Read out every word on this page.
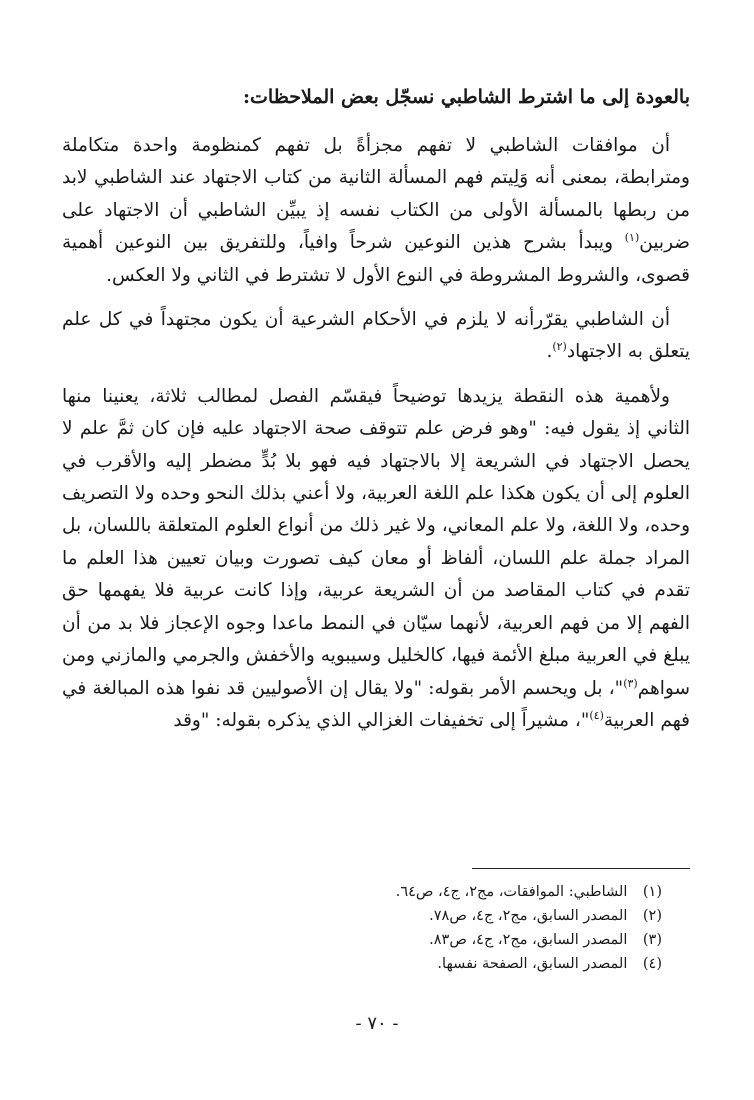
بالعودة إلى ما اشترط الشاطبي نسجّل بعض الملاحظات:

أن موافقات الشاطبي لا تفهم مجزأةً بل تفهم كمنظومة واحدة متكاملة ومترابطة، بمعنى أنه وَلِيتم فهم المسألة الثانية من كتاب الاجتهاد عند الشاطبي لابد من ربطها بالمسألة الأولى من الكتاب نفسه إذ يبيِّن الشاطبي أن الاجتهاد على ضربين$^{(١)}$ ويبدأ بشرح هذين النوعين شرحاً وافياً، وللتفريق بين النوعين أهمية قصوى، والشروط المشروطة في النوع الأول لا تشترط في الثاني ولا العكس.

أن الشاطبي يقرّرأنه لا يلزم في الأحكام الشرعية أن يكون مجتهداً في كل علم يتعلق به الاجتهاد$^{(٢)}$.

ولأهمية هذه النقطة يزيدها توضيحاً فيقسّم الفصل لمطالب ثلاثة، يعنينا منها الثاني إذ يقول فيه: "وهو فرض علم تتوقف صحة الاجتهاد عليه فإن كان ثمَّ علم لا يحصل الاجتهاد في الشريعة إلا بالاجتهاد فيه فهو بلا بُدٍّ مضطر إليه والأقرب في العلوم إلى أن يكون هكذا علم اللغة العربية، ولا أعني بذلك النحو وحده ولا التصريف وحده، ولا اللغة، ولا علم المعاني، ولا غير ذلك من أنواع العلوم المتعلقة باللسان، بل المراد جملة علم اللسان، ألفاظ أو معان كيف تصورت وبيان تعيين هذا العلم ما تقدم في كتاب المقاصد من أن الشريعة عربية، وإذا كانت عربية فلا يفهمها حق الفهم إلا من فهم العربية، لأنهما سيّان في النمط ماعدا وجوه الإعجاز فلا بد من أن يبلغ في العربية مبلغ الأئمة فيها، كالخليل وسيبويه والأخفش والجرمي والمازني ومن سواهم$^{(٣)}$"، بل ويحسم الأمر بقوله: "ولا يقال إن الأصوليين قد نفوا هذه المبالغة في فهم العربية$^{(٤)}$"، مشيراً إلى تخفيفات الغزالي الذي يذكره بقوله: "وقد

(١) الشاطبي: الموافقات، مج٢، ج٤، ص٦٤.
(٢) المصدر السابق، مج٢، ج٤، ص٧٨.
(٣) المصدر السابق، مج٢، ج٤، ص٨٣.
(٤) المصدر السابق، الصفحة نفسها.
- ٧٠ -
